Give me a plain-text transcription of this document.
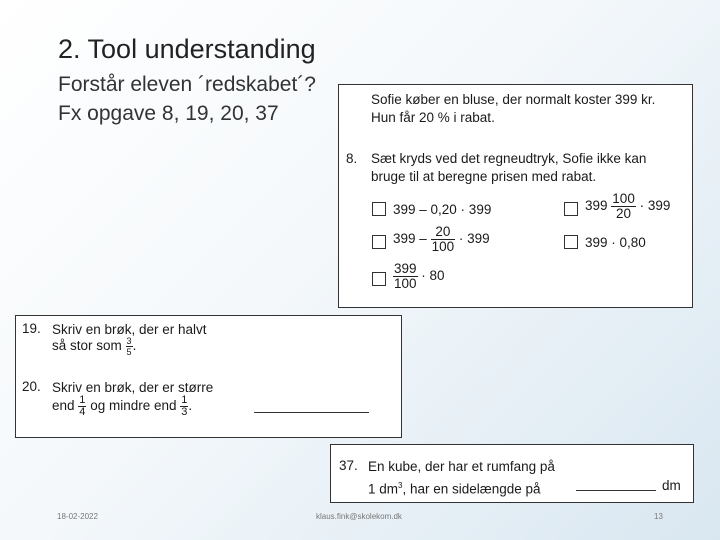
2. Tool understanding
Forstår eleven ´redskabet´?
Fx opgave 8, 19, 20, 37
Sofie køber en bluse, der normalt koster 399 kr.
Hun får 20 % i rabat.
8. Sæt kryds ved det regneudtryk, Sofie ikke kan
bruge til at beregne prisen med rabat.
399 – 0,20 · 399	$399 \frac{100}{20} \cdot 399$
$399 - \frac{20}{100} \cdot 399$	399 · 0,80
$\frac{399}{100} \cdot 80$
19. Skriv en brøk, der er halvt
så stor som $\frac{3}{5}$ .
20. Skriv en brøk, der er større
end $\frac{1}{4}$ og mindre end $\frac{1}{3}$ .
37. En kube, der har et rumfang på
1 $dm^3$, har en sidelængde på	dm
18-02-2022	klaus.fink@skolekom.dk	13
